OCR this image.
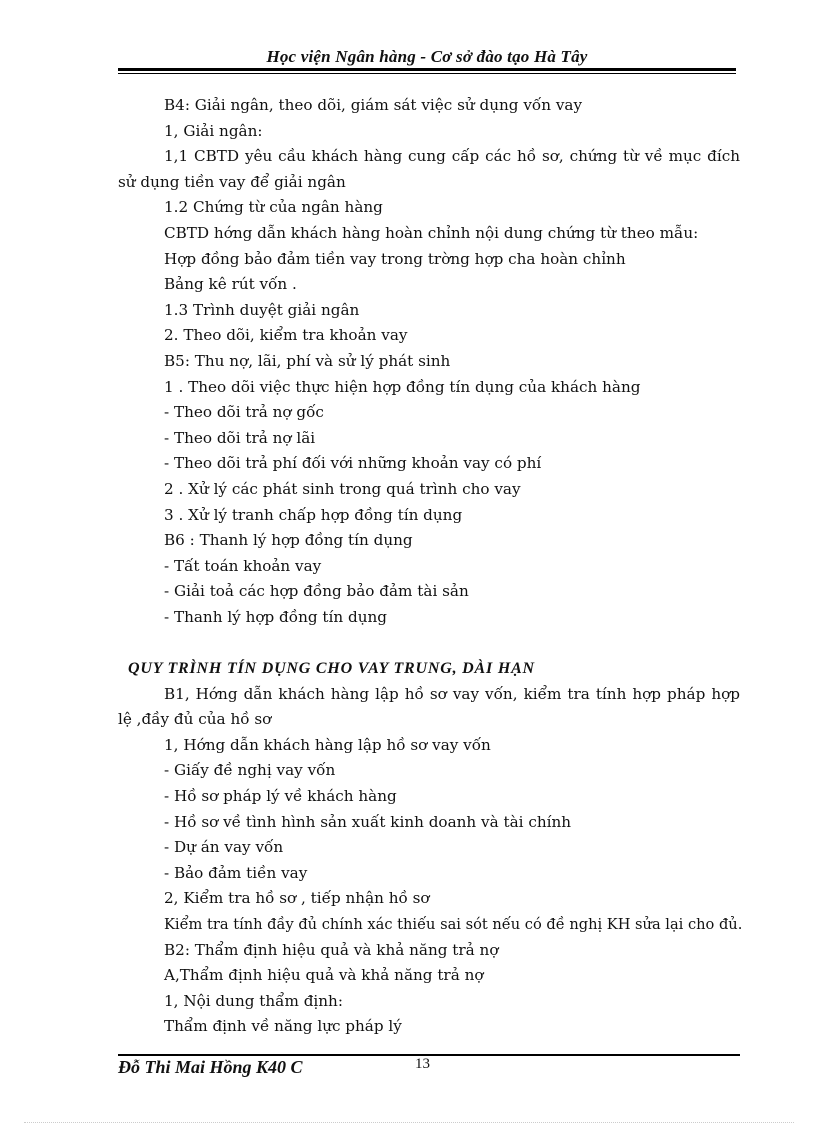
Học viện Ngân hàng - Cơ sở đào tạo Hà Tây
B4: Giải ngân, theo dõi, giám sát việc sử dụng vốn vay
1, Giải ngân:
1,1 CBTD yêu cầu khách hàng cung cấp các hồ sơ, chứng từ về mục đích
sử dụng tiền vay để giải ngân
1.2 Chứng từ của ngân hàng
CBTD hớng dẫn khách hàng hoàn chỉnh nội dung chứng từ theo mẫu:
Hợp đồng bảo đảm tiền vay trong trờng hợp cha hoàn chỉnh
Bảng kê rút vốn .
1.3 Trình duyệt giải ngân
2. Theo dõi, kiểm tra khoản vay
B5: Thu nợ, lãi, phí và sử lý phát sinh
1 . Theo dõi việc thực hiện hợp đồng tín dụng của khách hàng
- Theo dõi trả nợ gốc
- Theo dõi trả nợ lãi
- Theo dõi trả phí đối với những khoản vay có phí
2 . Xử lý các phát sinh trong quá trình cho vay
3 . Xử lý tranh chấp hợp đồng tín dụng
B6 : Thanh lý hợp đồng tín dụng
- Tất toán khoản vay
- Giải toả các hợp đồng bảo đảm tài sản
- Thanh lý hợp đồng tín dụng
QUY TRÌNH TÍN DỤNG CHO VAY TRUNG, DÀI HẠN
B1, Hớng dẫn khách hàng lập hồ sơ vay vốn, kiểm tra tính hợp pháp hợp
lệ ,đầy đủ của hồ sơ
1, Hớng dẫn khách hàng lập hồ sơ vay vốn
- Giấy đề nghị vay vốn
- Hồ sơ pháp lý về khách hàng
- Hồ sơ về tình hình sản xuất kinh doanh và tài chính
- Dự án vay vốn
- Bảo đảm tiền vay
2, Kiểm tra hồ sơ , tiếp nhận hồ sơ
Kiểm tra tính đầy đủ chính xác thiếu sai sót nếu có đề nghị KH sửa lại cho đủ.
B2: Thẩm định hiệu quả và khả năng trả nợ
A,Thẩm định hiệu quả và khả năng trả nợ
1, Nội dung thẩm định:
Thẩm định về năng lực pháp lý
Đỗ Thi Mai Hồng K40 C	13
